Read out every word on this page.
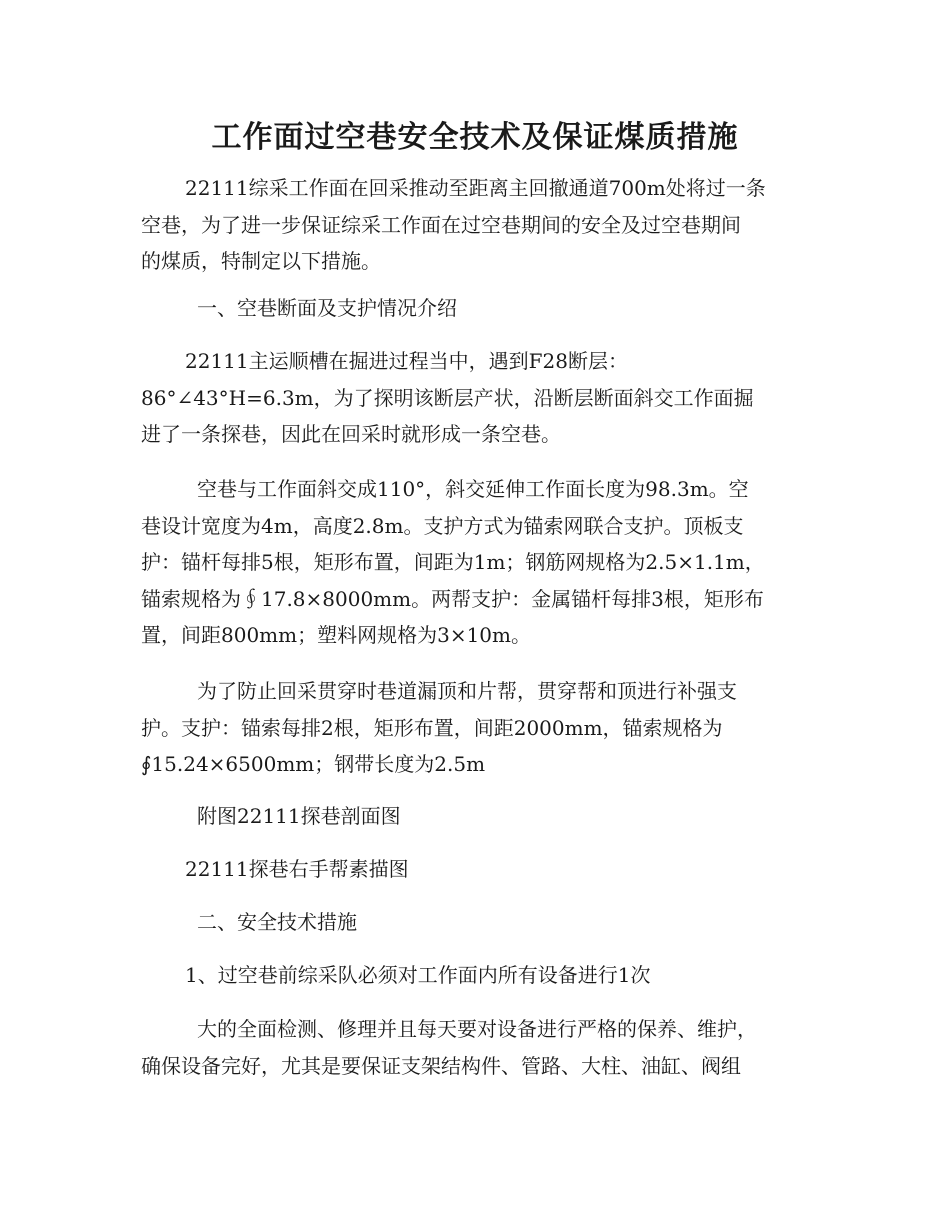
工作面过空巷安全技术及保证煤质措施

22111综采工作面在回采推动至距离主回撤通道700m处将过一条
空巷，为了进一步保证综采工作面在过空巷期间的安全及过空巷期间
的煤质，特制定以下措施。

一、空巷断面及支护情况介绍

22111主运顺槽在掘进过程当中，遇到F28断层：
86°∠43°H=6.3m，为了探明该断层产状，沿断层断面斜交工作面掘
进了一条探巷，因此在回采时就形成一条空巷。

空巷与工作面斜交成110°，斜交延伸工作面长度为98.3m。空
巷设计宽度为4m，高度2.8m。支护方式为锚索网联合支护。顶板支
护：锚杆每排5根，矩形布置，间距为1m；钢筋网规格为2.5×1.1m，
锚索规格为∮17.8×8000mm。两帮支护：金属锚杆每排3根，矩形布
置，间距800mm；塑料网规格为3×10m。

为了防止回采贯穿时巷道漏顶和片帮，贯穿帮和顶进行补强支
护。支护：锚索每排2根，矩形布置，间距2000mm，锚索规格为
∮15.24×6500mm；钢带长度为2.5m

附图22111探巷剖面图

22111探巷右手帮素描图

二、安全技术措施

1、过空巷前综采队必须对工作面内所有设备进行1次

大的全面检测、修理并且每天要对设备进行严格的保养、维护，
确保设备完好，尤其是要保证支架结构件、管路、大柱、油缸、阀组
